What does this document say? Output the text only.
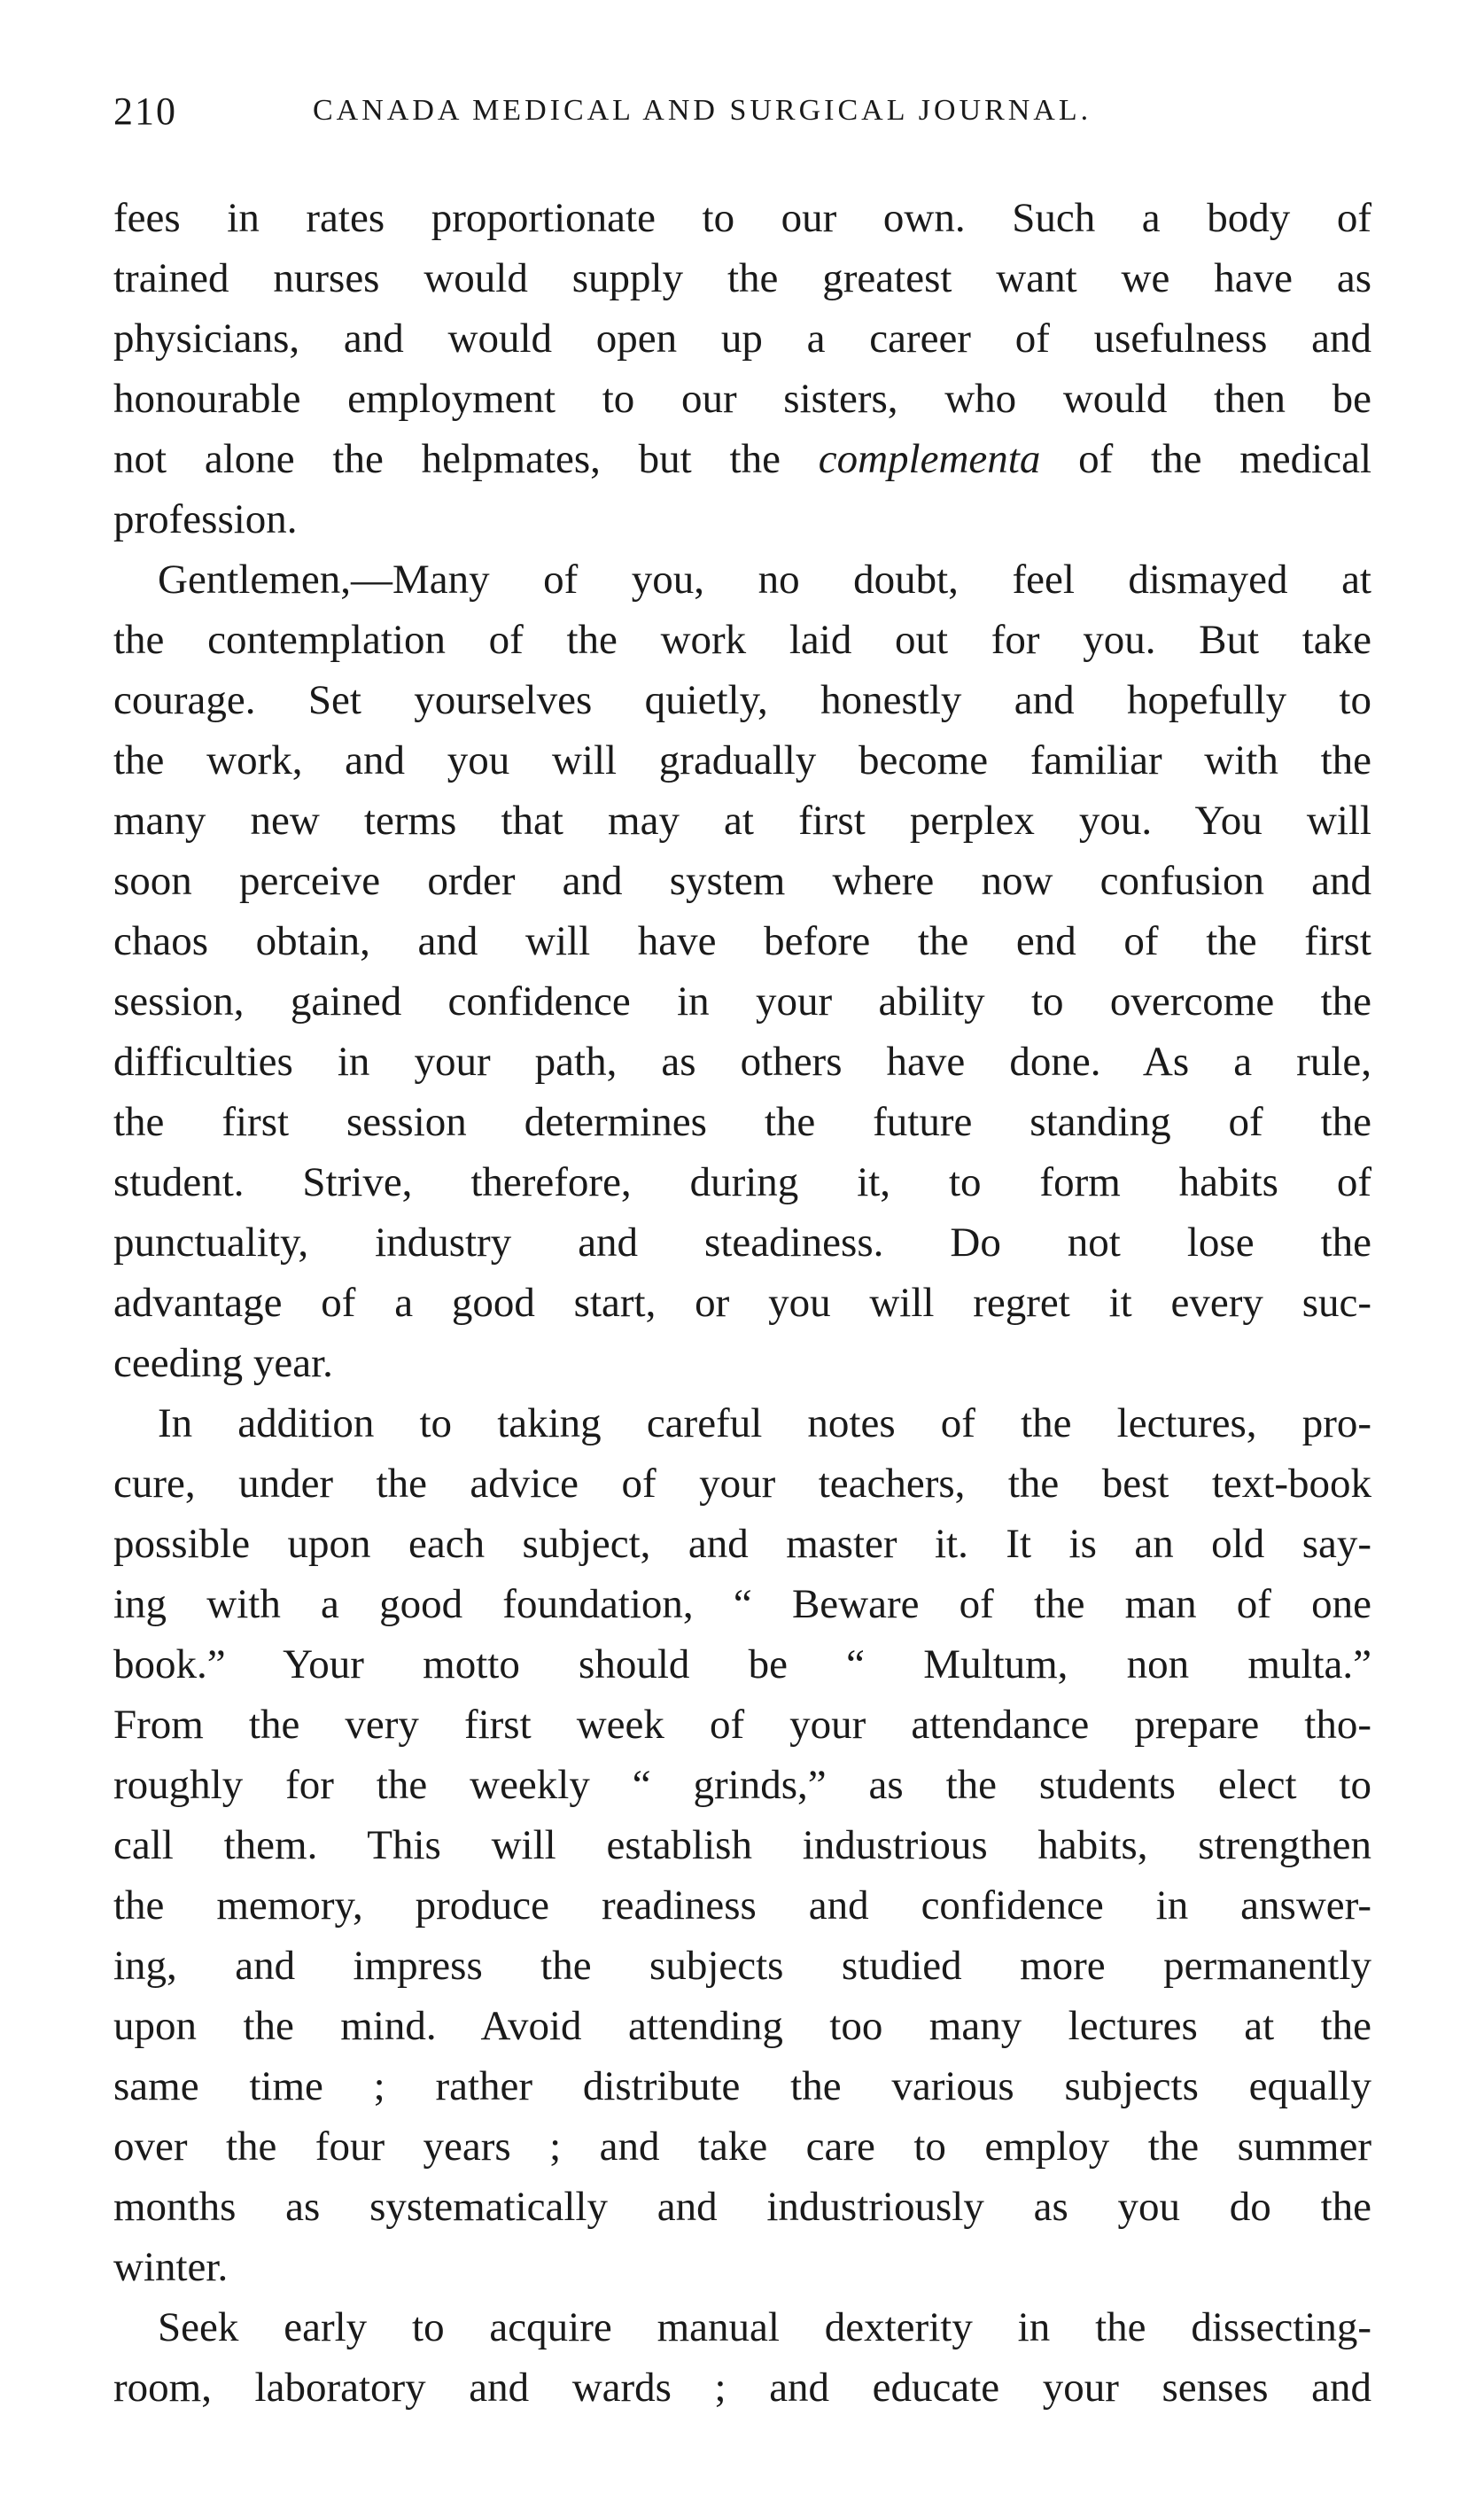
210	CANADA MEDICAL AND SURGICAL JOURNAL.
fees in rates proportionate to our own. Such a body of
trained nurses would supply the greatest want we have as
physicians, and would open up a career of usefulness and
honourable employment to our sisters, who would then be
not alone the helpmates, but the complementa of the medical
profession.
Gentlemen,—Many of you, no doubt, feel dismayed at
the contemplation of the work laid out for you. But take
courage. Set yourselves quietly, honestly and hopefully to
the work, and you will gradually become familiar with the
many new terms that may at first perplex you. You will
soon perceive order and system where now confusion and
chaos obtain, and will have before the end of the first
session, gained confidence in your ability to overcome the
difficulties in your path, as others have done. As a rule,
the first session determines the future standing of the
student. Strive, therefore, during it, to form habits of
punctuality, industry and steadiness. Do not lose the
advantage of a good start, or you will regret it every suc-
ceeding year.
In addition to taking careful notes of the lectures, pro-
cure, under the advice of your teachers, the best text-book
possible upon each subject, and master it. It is an old say-
ing with a good foundation, “ Beware of the man of one
book.” Your motto should be “ Multum, non multa.”
From the very first week of your attendance prepare tho-
roughly for the weekly “ grinds,” as the students elect to
call them. This will establish industrious habits, strengthen
the memory, produce readiness and confidence in answer-
ing, and impress the subjects studied more permanently
upon the mind. Avoid attending too many lectures at the
same time ; rather distribute the various subjects equally
over the four years ; and take care to employ the summer
months as systematically and industriously as you do the
winter.
Seek early to acquire manual dexterity in the dissecting-
room, laboratory and wards ; and educate your senses and
